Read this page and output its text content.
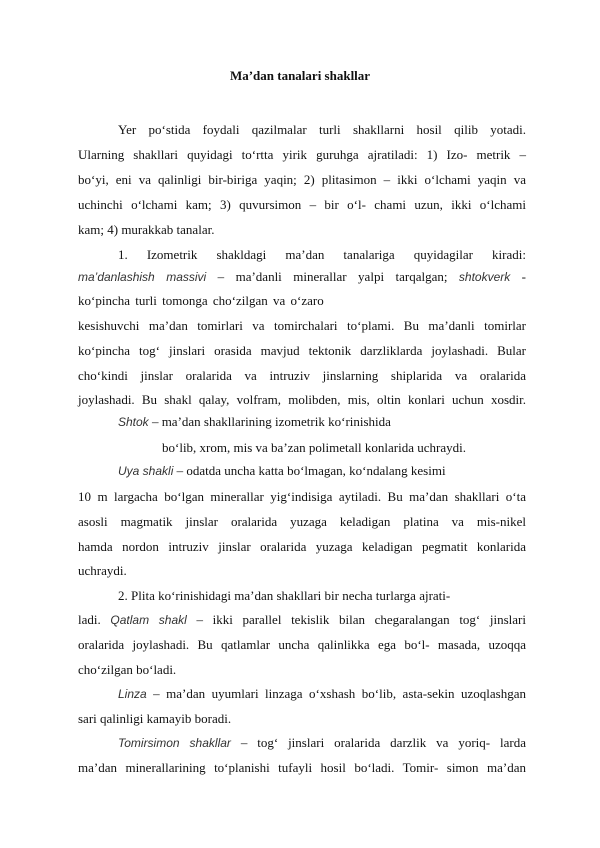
Ma’dan tanalari shakllar
Yer po‘stida foydali qazilmalar turli shakllarni hosil qilib yotadi.
Ularning shakllari quyidagi to‘rtta yirik guruhga ajratiladi: 1) Izo- metrik –
bo‘yi, eni va qalinligi bir-biriga yaqin; 2) plitasimon – ikki o‘lchami yaqin va
uchinchi o‘lchami kam; 3) quvursimon – bir o‘l- chami uzun, ikki o‘lchami
kam; 4) murakkab tanalar.
1. Izometrik shakldagi ma’dan tanalariga quyidagilar kiradi:
ma’danlashish massivi – ma’danli minerallar yalpi tarqalgan; shtokverk -
ko‘pincha turli tomonga cho‘zilgan va o‘zaro
kesishuvchi ma’dan tomirlari va tomirchalari to‘plami. Bu ma’danli tomirlar
ko‘pincha tog‘ jinslari orasida mavjud tektonik darzliklarda joylashadi. Bular
cho‘kindi jinslar oralarida va intruziv jinslarning shiplarida va oralarida
joylashadi. Bu shakl qalay, volfram, molibden, mis, oltin konlari uchun xosdir.
Shtok – ma’dan shakllarining izometrik ko‘rinishida
bo‘lib, xrom, mis va ba’zan polimetall konlarida uchraydi.
Uya shakli – odatda uncha katta bo‘lmagan, ko‘ndalang kesimi
10 m largacha bo‘lgan minerallar yig‘indisiga aytiladi. Bu ma’dan shakllari o‘ta
asosli magmatik jinslar oralarida yuzaga keladigan platina va mis-nikel
hamda nordon intruziv jinslar oralarida yuzaga keladigan pegmatit konlarida
uchraydi.
2. Plita ko‘rinishidagi ma’dan shakllari bir necha turlarga ajrati-
ladi. Qatlam shakl – ikki parallel tekislik bilan chegaralangan tog‘ jinslari
oralarida joylashadi. Bu qatlamlar uncha qalinlikka ega bo‘l- masada, uzoqqa
cho‘zilgan bo‘ladi.
Linza – ma’dan uyumlari linzaga o‘xshash bo‘lib, asta-sekin uzoqlashgan
sari qalinligi kamayib boradi.
Tomirsimon shakllar – tog‘ jinslari oralarida darzlik va yoriq- larda
ma’dan minerallarining to‘planishi tufayli hosil bo‘ladi. Tomir- simon ma’dan
